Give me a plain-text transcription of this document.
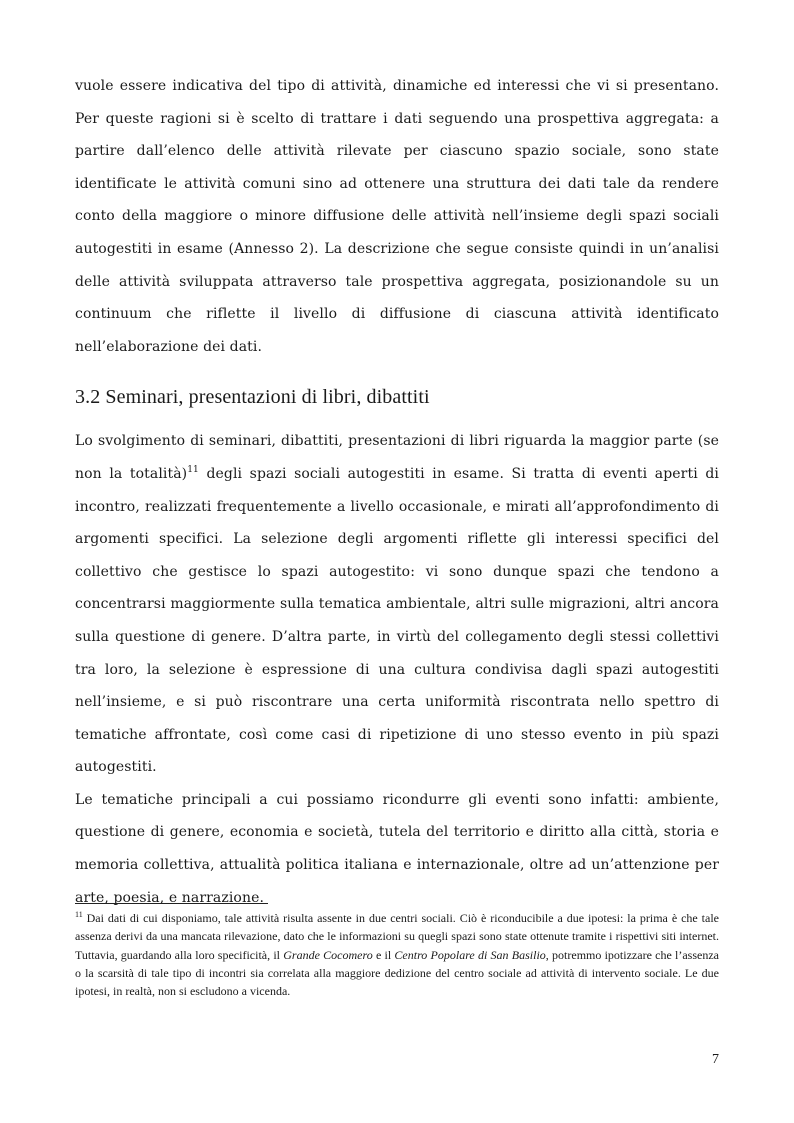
vuole essere indicativa del tipo di attività, dinamiche ed interessi che vi si presentano. Per queste ragioni si è scelto di trattare i dati seguendo una prospettiva aggregata: a partire dall’elenco delle attività rilevate per ciascuno spazio sociale, sono state identificate le attività comuni sino ad ottenere una struttura dei dati tale da rendere conto della maggiore o minore diffusione delle attività nell’insieme degli spazi sociali autogestiti in esame (Annesso 2). La descrizione che segue consiste quindi in un’analisi delle attività sviluppata attraverso tale prospettiva aggregata, posizionandole su un continuum che riflette il livello di diffusione di ciascuna attività identificato nell’elaborazione dei dati.

3.2 Seminari, presentazioni di libri, dibattiti

Lo svolgimento di seminari, dibattiti, presentazioni di libri riguarda la maggior parte (se non la totalità)$^{11}$ degli spazi sociali autogestiti in esame. Si tratta di eventi aperti di incontro, realizzati frequentemente a livello occasionale, e mirati all’approfondimento di argomenti specifici. La selezione degli argomenti riflette gli interessi specifici del collettivo che gestisce lo spazi autogestito: vi sono dunque spazi che tendono a concentrarsi maggiormente sulla tematica ambientale, altri sulle migrazioni, altri ancora sulla questione di genere. D’altra parte, in virtù del collegamento degli stessi collettivi tra loro, la selezione è espressione di una cultura condivisa dagli spazi autogestiti nell’insieme, e si può riscontrare una certa uniformità riscontrata nello spettro di tematiche affrontate, così come casi di ripetizione di uno stesso evento in più spazi autogestiti.

Le tematiche principali a cui possiamo ricondurre gli eventi sono infatti: ambiente, questione di genere, economia e società, tutela del territorio e diritto alla città, storia e memoria collettiva, attualità politica italiana e internazionale, oltre ad un’attenzione per arte, poesia, e narrazione.

$^{11}$ Dai dati di cui disponiamo, tale attività risulta assente in due centri sociali. Ciò è riconducibile a due ipotesi: la prima è che tale assenza derivi da una mancata rilevazione, dato che le informazioni su quegli spazi sono state ottenute tramite i rispettivi siti internet. Tuttavia, guardando alla loro specificità, il Grande Cocomero e il Centro Popolare di San Basilio, potremmo ipotizzare che l’assenza o la scarsità di tale tipo di incontri sia correlata alla maggiore dedizione del centro sociale ad attività di intervento sociale. Le due ipotesi, in realtà, non si escludono a vicenda.

7
